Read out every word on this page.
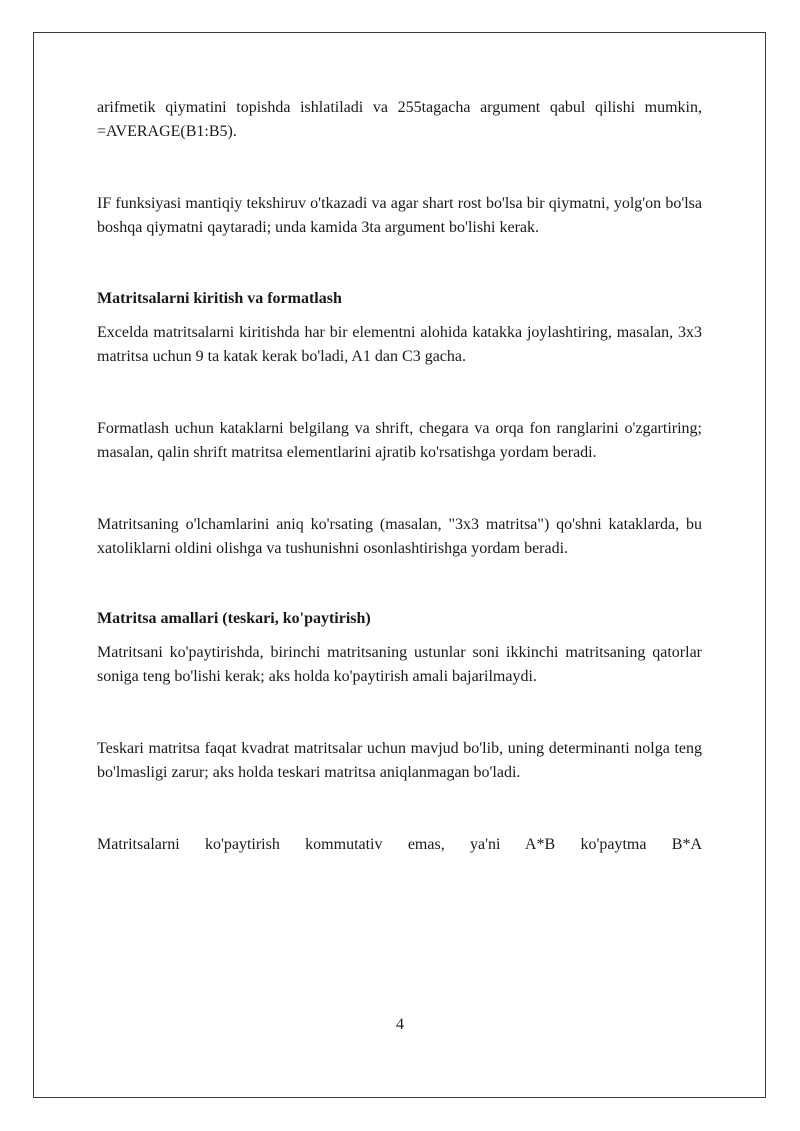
arifmetik qiymatini topishda ishlatiladi va 255tagacha argument qabul qilishi mumkin, =AVERAGE(B1:B5).

IF funksiyasi mantiqiy tekshiruv o'tkazadi va agar shart rost bo'lsa bir qiymatni, yolg'on bo'lsa boshqa qiymatni qaytaradi; unda kamida 3ta argument bo'lishi kerak.

Matritsalarni kiritish va formatlash

Excelda matritsalarni kiritishda har bir elementni alohida katakka joylashtiring, masalan, 3x3 matritsa uchun 9 ta katak kerak bo'ladi, A1 dan C3 gacha.

Formatlash uchun kataklarni belgilang va shrift, chegara va orqa fon ranglarini o'zgartiring; masalan, qalin shrift matritsa elementlarini ajratib ko'rsatishga yordam beradi.

Matritsaning o'lchamlarini aniq ko'rsating (masalan, "3x3 matritsa") qo'shni kataklarda, bu xatoliklarni oldini olishga va tushunishni osonlashtirishga yordam beradi.

Matritsa amallari (teskari, ko'paytirish)

Matritsani ko'paytirishda, birinchi matritsaning ustunlar soni ikkinchi matritsaning qatorlar soniga teng bo'lishi kerak; aks holda ko'paytirish amali bajarilmaydi.

Teskari matritsa faqat kvadrat matritsalar uchun mavjud bo'lib, uning determinanti nolga teng bo'lmasligi zarur; aks holda teskari matritsa aniqlanmagan bo'ladi.

Matritsalarni ko'paytirish kommutativ emas, ya'ni A*B ko'paytma B*A

4
